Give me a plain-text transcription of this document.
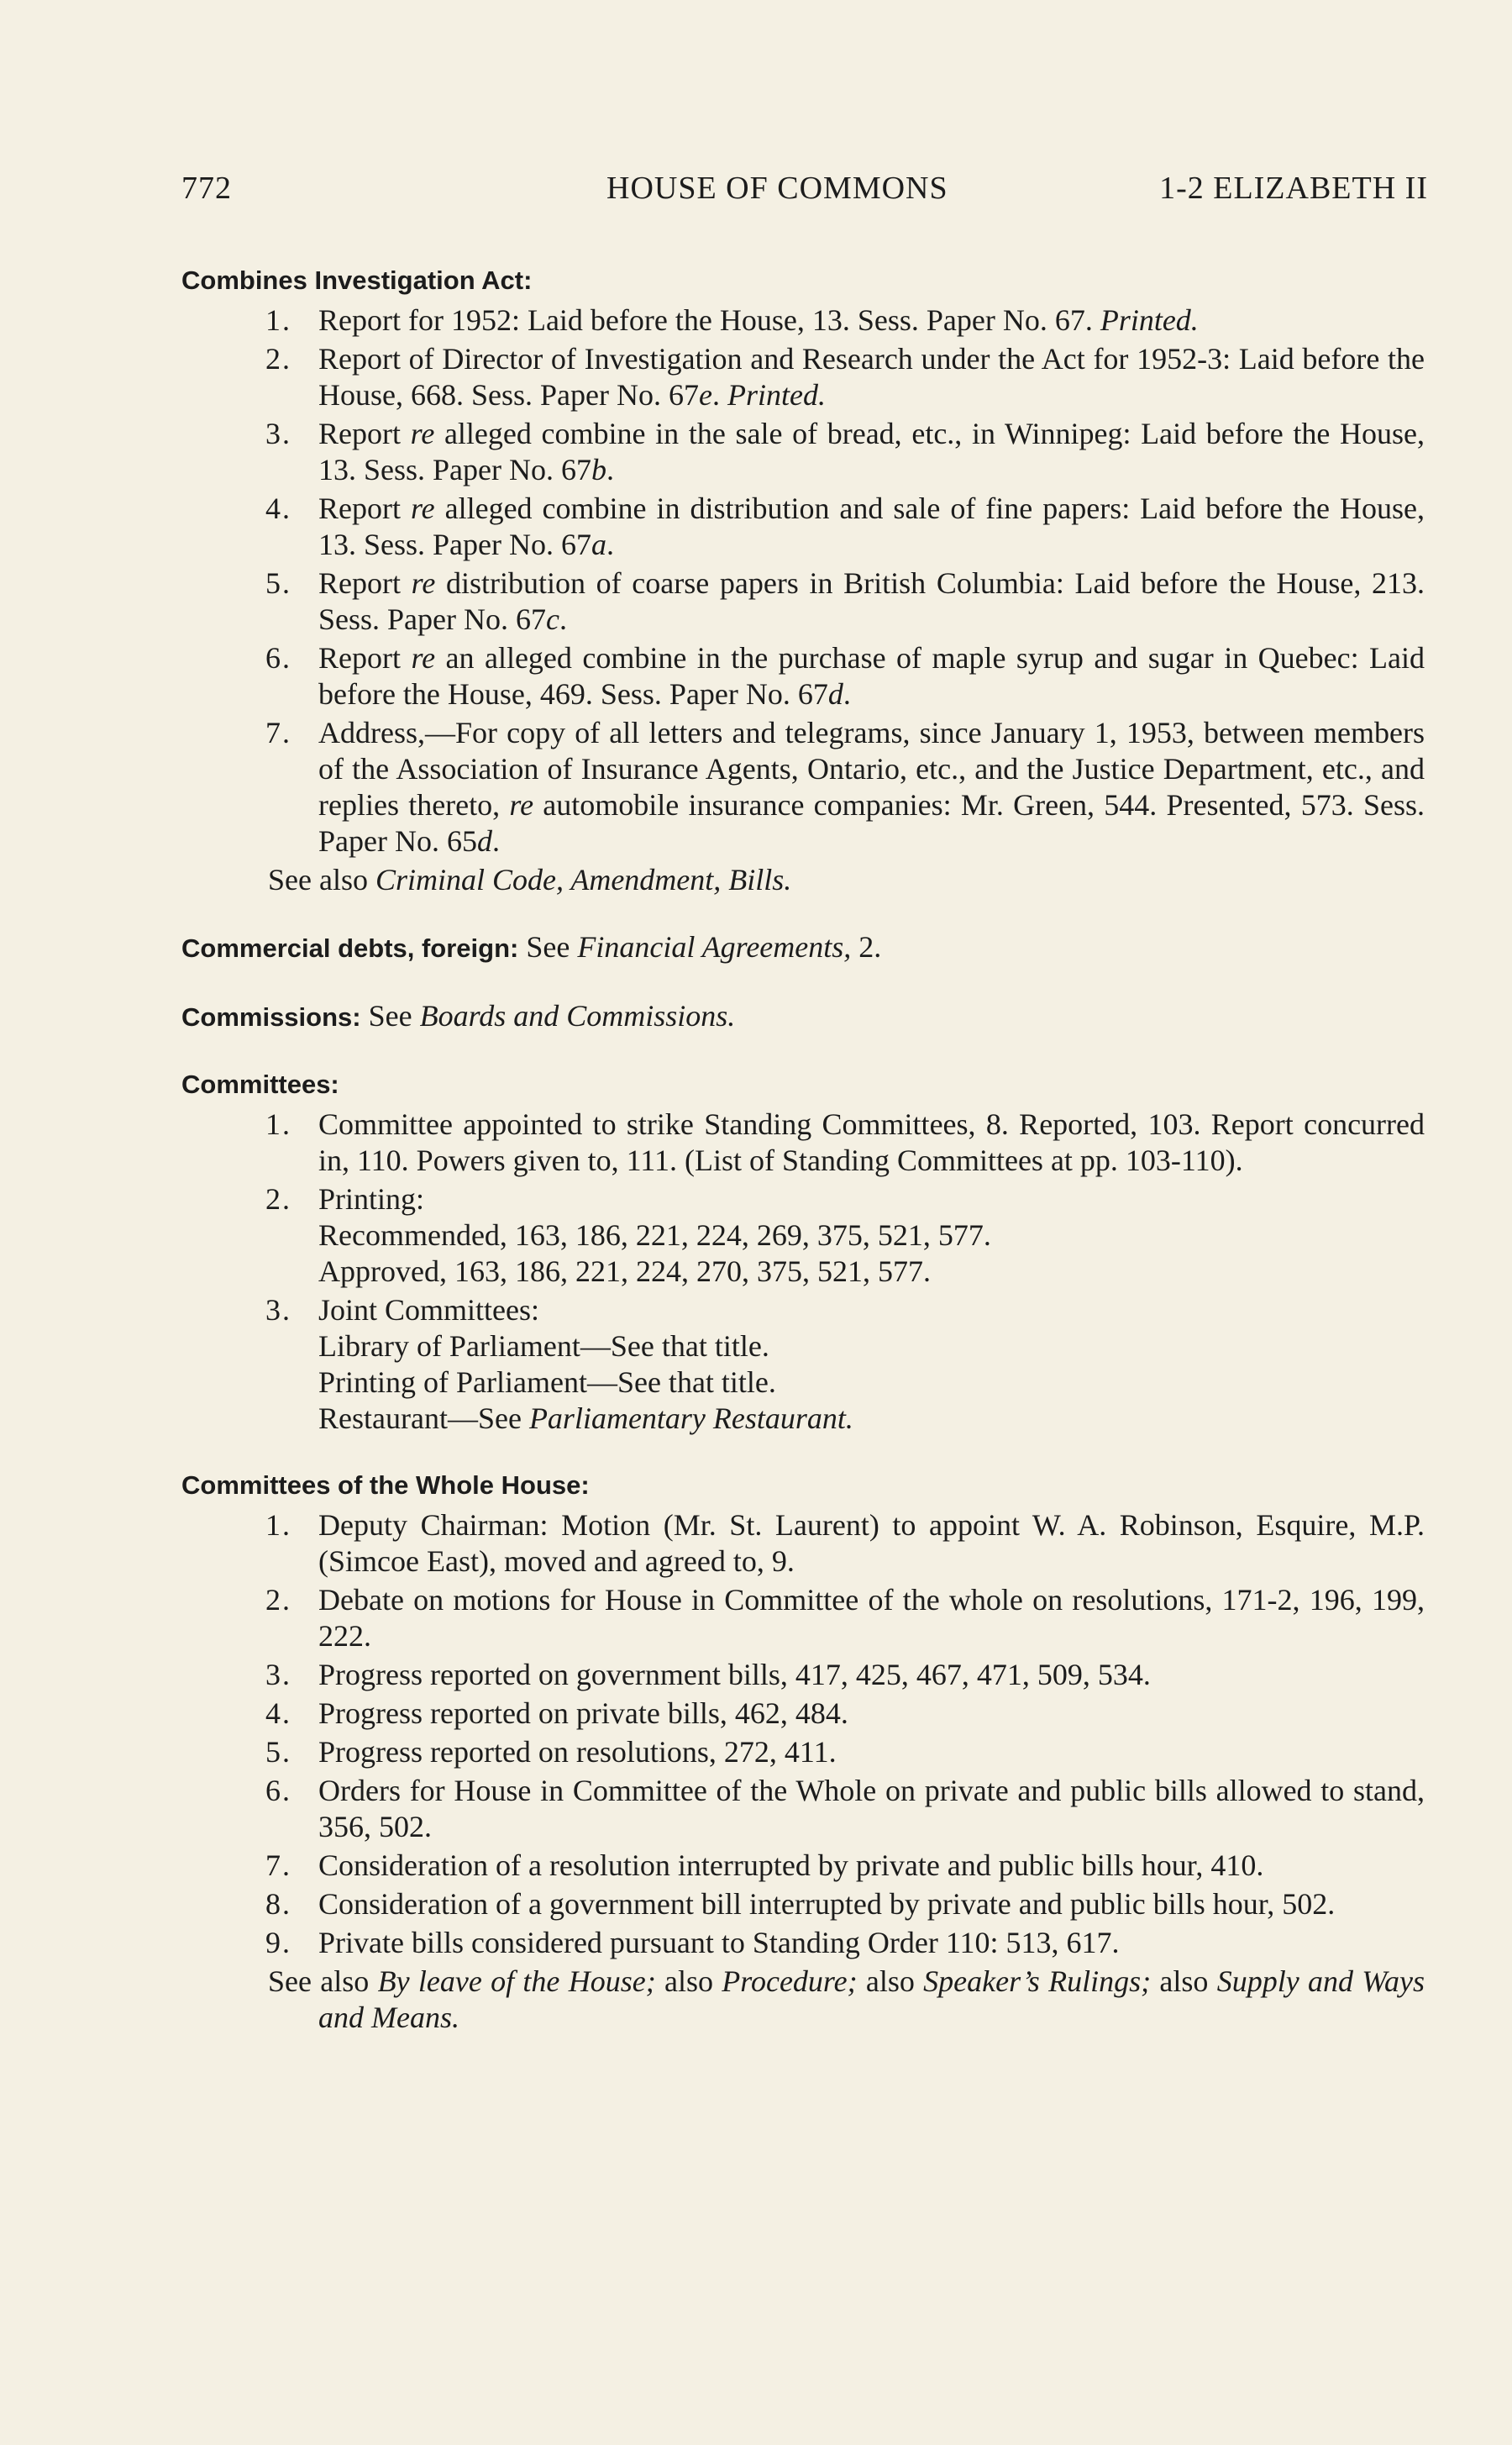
772	HOUSE OF COMMONS	1-2 ELIZABETH II
Combines Investigation Act:
1. Report for 1952: Laid before the House, 13. Sess. Paper No. 67. Printed.
2. Report of Director of Investigation and Research under the Act for 1952-3: Laid before the House, 668. Sess. Paper No. 67e. Printed.
3. Report re alleged combine in the sale of bread, etc., in Winnipeg: Laid before the House, 13. Sess. Paper No. 67b.
4. Report re alleged combine in distribution and sale of fine papers: Laid before the House, 13. Sess. Paper No. 67a.
5. Report re distribution of coarse papers in British Columbia: Laid before the House, 213. Sess. Paper No. 67c.
6. Report re an alleged combine in the purchase of maple syrup and sugar in Quebec: Laid before the House, 469. Sess. Paper No. 67d.
7. Address,—For copy of all letters and telegrams, since January 1, 1953, between members of the Association of Insurance Agents, Ontario, etc., and the Justice Department, etc., and replies thereto, re automobile insurance companies: Mr. Green, 544. Presented, 573. Sess. Paper No. 65d.
See also Criminal Code, Amendment, Bills.
Commercial debts, foreign: See Financial Agreements, 2.
Commissions: See Boards and Commissions.
Committees:
1. Committee appointed to strike Standing Committees, 8. Reported, 103. Report concurred in, 110. Powers given to, 111. (List of Standing Committees at pp. 103-110).
2. Printing:
Recommended, 163, 186, 221, 224, 269, 375, 521, 577.
Approved, 163, 186, 221, 224, 270, 375, 521, 577.
3. Joint Committees:
Library of Parliament—See that title.
Printing of Parliament—See that title.
Restaurant—See Parliamentary Restaurant.
Committees of the Whole House:
1. Deputy Chairman: Motion (Mr. St. Laurent) to appoint W. A. Robinson, Esquire, M.P. (Simcoe East), moved and agreed to, 9.
2. Debate on motions for House in Committee of the whole on resolutions, 171-2, 196, 199, 222.
3. Progress reported on government bills, 417, 425, 467, 471, 509, 534.
4. Progress reported on private bills, 462, 484.
5. Progress reported on resolutions, 272, 411.
6. Orders for House in Committee of the Whole on private and public bills allowed to stand, 356, 502.
7. Consideration of a resolution interrupted by private and public bills hour, 410.
8. Consideration of a government bill interrupted by private and public bills hour, 502.
9. Private bills considered pursuant to Standing Order 110: 513, 617.
See also By leave of the House; also Procedure; also Speaker’s Rulings; also Supply and Ways and Means.
